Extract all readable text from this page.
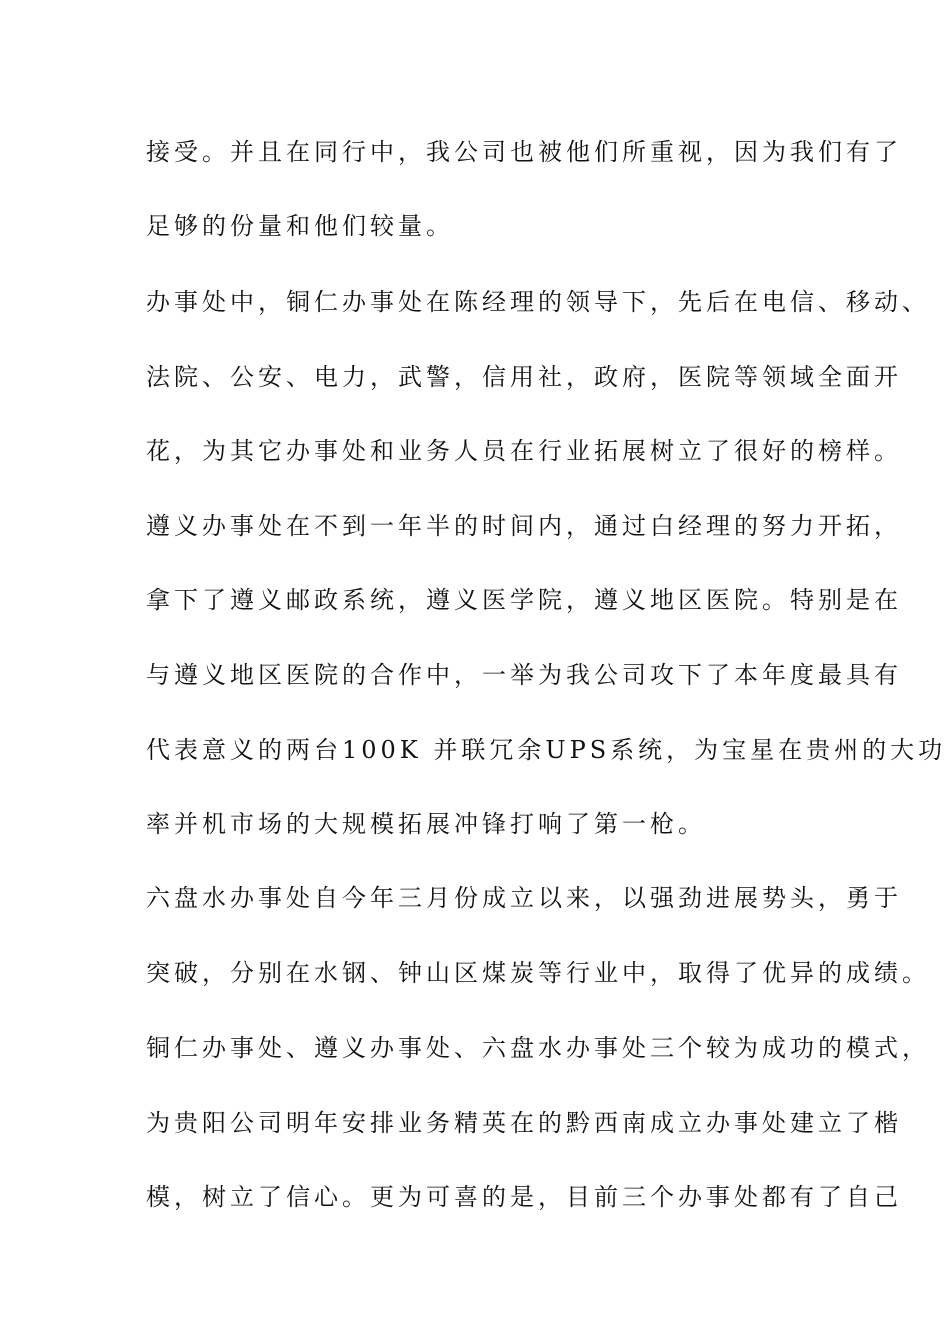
接受。并且在同行中，我公司也被他们所重视，因为我们有了
足够的份量和他们较量。
办事处中，铜仁办事处在陈经理的领导下，先后在电信、移动、
法院、公安、电力，武警，信用社，政府，医院等领域全面开
花，为其它办事处和业务人员在行业拓展树立了很好的榜样。
遵义办事处在不到一年半的时间内，通过白经理的努力开拓，
拿下了遵义邮政系统，遵义医学院，遵义地区医院。特别是在
与遵义地区医院的合作中，一举为我公司攻下了本年度最具有
代表意义的两台100K 并联冗余UPS系统，为宝星在贵州的大功
率并机市场的大规模拓展冲锋打响了第一枪。
六盘水办事处自今年三月份成立以来，以强劲进展势头，勇于
突破，分别在水钢、钟山区煤炭等行业中，取得了优异的成绩。
铜仁办事处、遵义办事处、六盘水办事处三个较为成功的模式，
为贵阳公司明年安排业务精英在的黔西南成立办事处建立了楷
模，树立了信心。更为可喜的是，目前三个办事处都有了自己
